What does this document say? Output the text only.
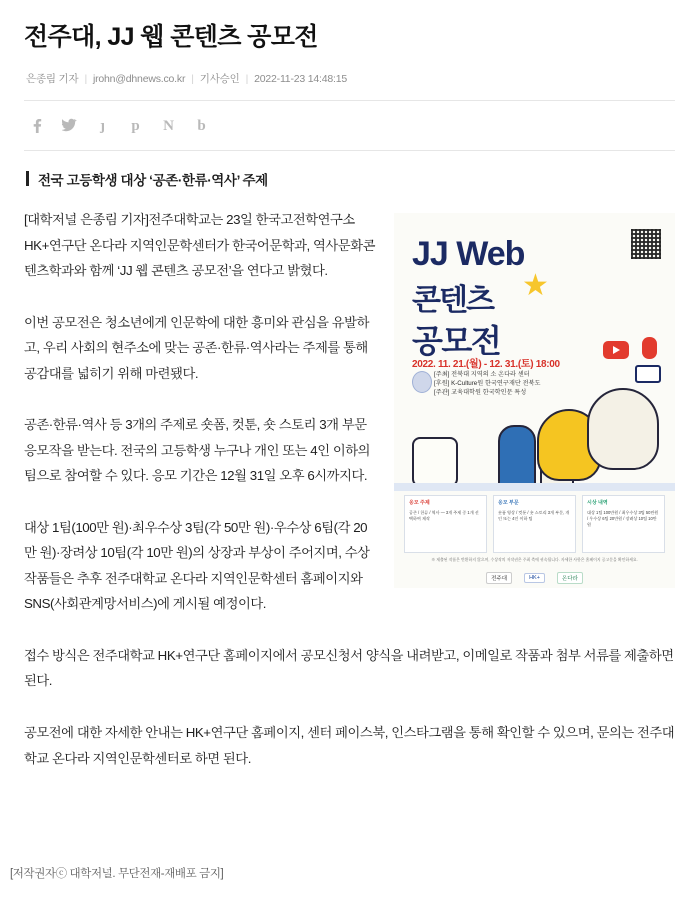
전주대, JJ 웹 콘텐츠 공모전
은종림 기자 | jrohn@dhnews.co.kr | 기사승인 | 2022-11-23 14:48:15
ȷ	p N b
전국 고등학생 대상 ‘공존·한류·역사’ 주제
JJ Web
콘텐츠 ★
공모전
2022. 11. 21.(월) - 12. 31.(토) 18:00
[주최] 전북대 지역의 소 온다라 센터
[후원] K-Culture원 한국연구재단 전북도
[주관] 교육대학원 한국학인문 특성
응모 주제
공존 / 한류 / 역사 — 3개 주제 중 1개 선택하여 제작
응모 부문
숏폼 영상 / 컷툰 / 숏 스토리 3개 부문, 개인 또는 4인 이하 팀
시상 내역
대상 1팀 100만원 / 최우수상 3팀 50만원 / 우수상 6팀 20만원 / 장려상 10팀 10만원
※ 제출된 작품은 반환하지 않으며, 수상작의 저작권은 주최 측에 귀속됩니다. 자세한 사항은 홈페이지 공고문을 확인하세요.
전주대	HK+	온다라

[대학저널 은종림 기자]전주대학교는 23일 한국고전학연구소 HK+연구단 온다라 지역인문학센터가 한국어문학과, 역사문화콘텐츠학과와 함께 ‘JJ 웹 콘텐츠 공모전’을 연다고 밝혔다.

이번 공모전은 청소년에게 인문학에 대한 흥미와 관심을 유발하고, 우리 사회의 현주소에 맞는 공존·한류·역사라는 주제를 통해 공감대를 넓히기 위해 마련됐다.

공존·한류·역사 등 3개의 주제로 숏폼, 컷툰, 숏 스토리 3개 부문 응모작을 받는다. 전국의 고등학생 누구나 개인 또는 4인 이하의 팀으로 참여할 수 있다. 응모 기간은 12월 31일 오후 6시까지다.

대상 1팀(100만 원)·최우수상 3팀(각 50만 원)·우수상 6팀(각 20만 원)·장려상 10팀(각 10만 원)의 상장과 부상이 주어지며, 수상 작품들은 추후 전주대학교 온다라 지역인문학센터 홈페이지와 SNS(사회관계망서비스)에 게시될 예정이다.

접수 방식은 전주대학교 HK+연구단 홈페이지에서 공모신청서 양식을 내려받고, 이메일로 작품과 첨부 서류를 제출하면 된다.

공모전에 대한 자세한 안내는 HK+연구단 홈페이지, 센터 페이스북, 인스타그램을 통해 확인할 수 있으며, 문의는 전주대학교 온다라 지역인문학센터로 하면 된다.

[저작권자ⓒ 대학저널. 무단전재-재배포 금지]
